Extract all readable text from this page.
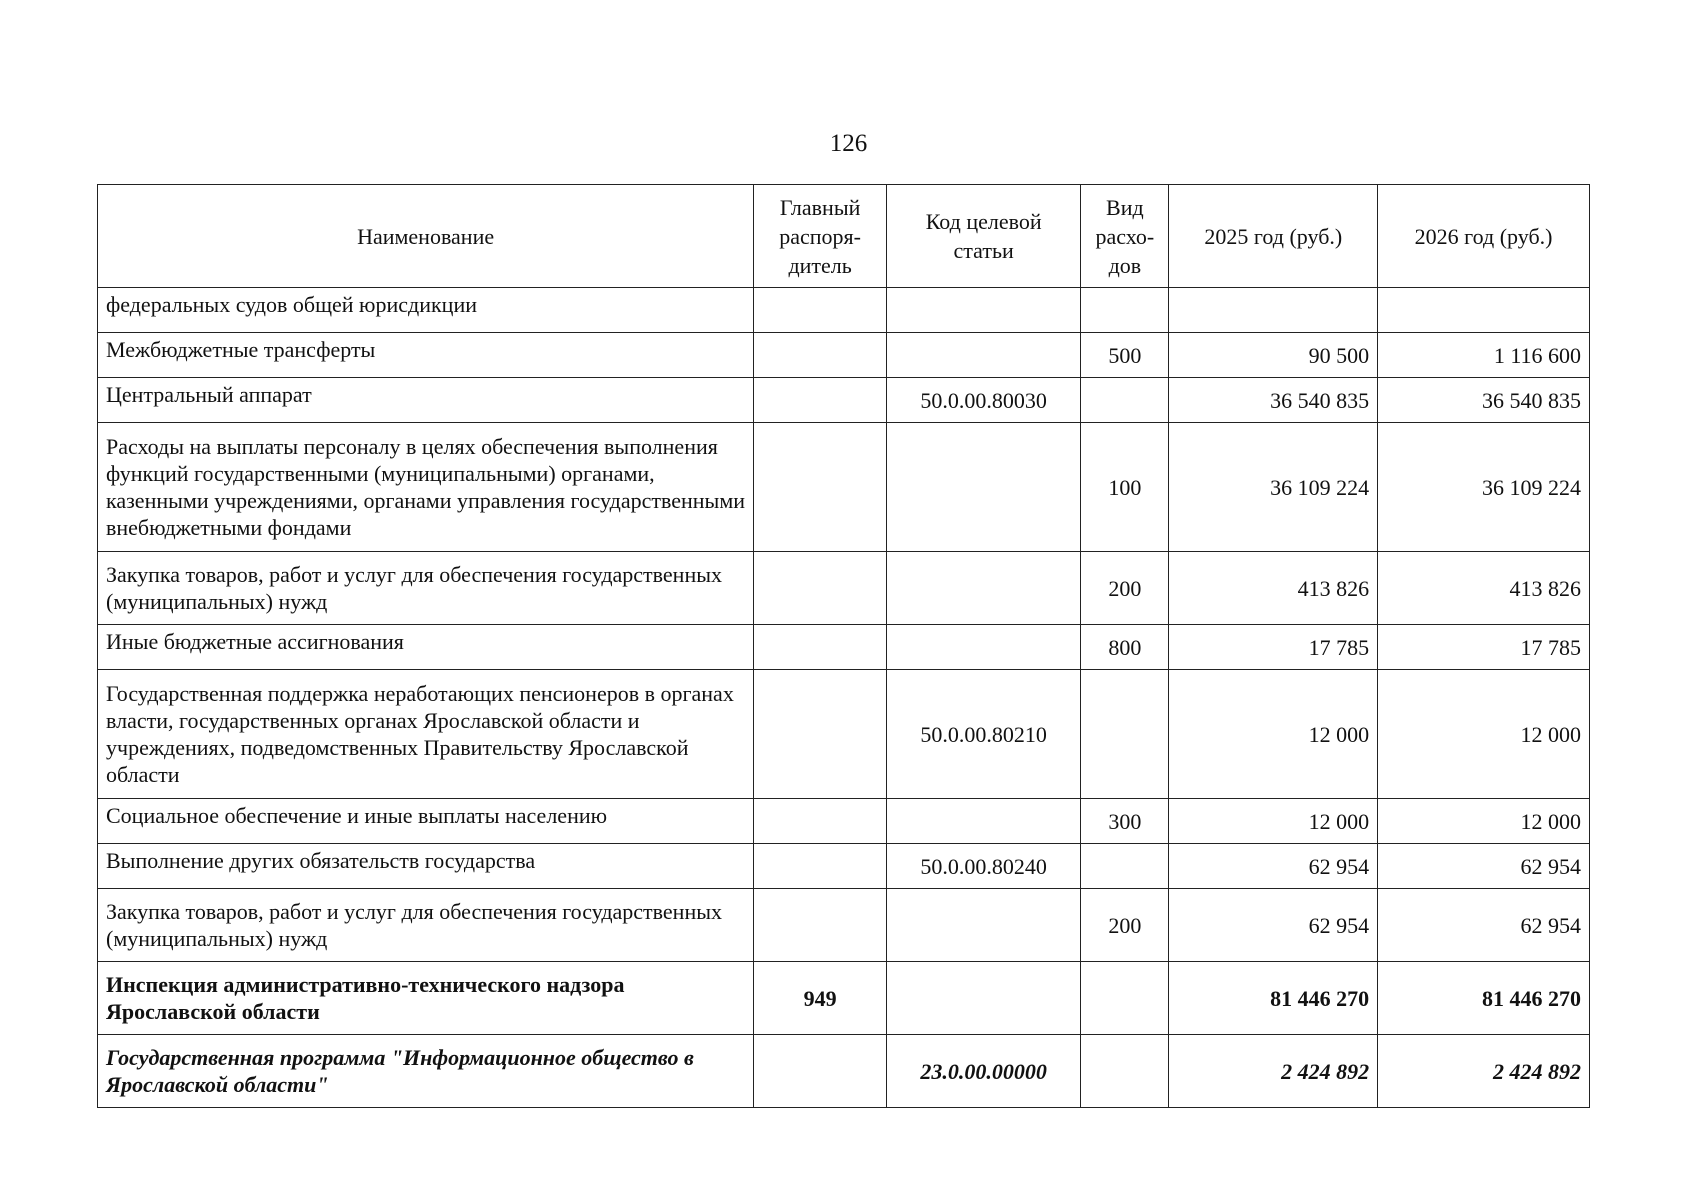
126
Наименование	Главный распоря-дитель	Код целевой статьи	Вид расхо-дов	2025 год (руб.)	2026 год (руб.)
федеральных судов общей юрисдикции					
Межбюджетные трансферты			500	90 500	1 116 600
Центральный аппарат		50.0.00.80030		36 540 835	36 540 835
Расходы на выплаты персоналу в целях обеспечения выполнения функций государственными (муниципальными) органами, казенными учреждениями, органами управления государственными внебюджетными фондами			100	36 109 224	36 109 224
Закупка товаров, работ и услуг для обеспечения государственных (муниципальных) нужд			200	413 826	413 826
Иные бюджетные ассигнования			800	17 785	17 785
Государственная поддержка неработающих пенсионеров в органах власти, государственных органах Ярославской области и учреждениях, подведомственных Правительству Ярославской области		50.0.00.80210		12 000	12 000
Социальное обеспечение и иные выплаты населению			300	12 000	12 000
Выполнение других обязательств государства		50.0.00.80240		62 954	62 954
Закупка товаров, работ и услуг для обеспечения государственных (муниципальных) нужд			200	62 954	62 954
Инспекция административно-технического надзора Ярославской области	949			81 446 270	81 446 270
Государственная программа "Информационное общество в Ярославской области"		23.0.00.00000		2 424 892	2 424 892
